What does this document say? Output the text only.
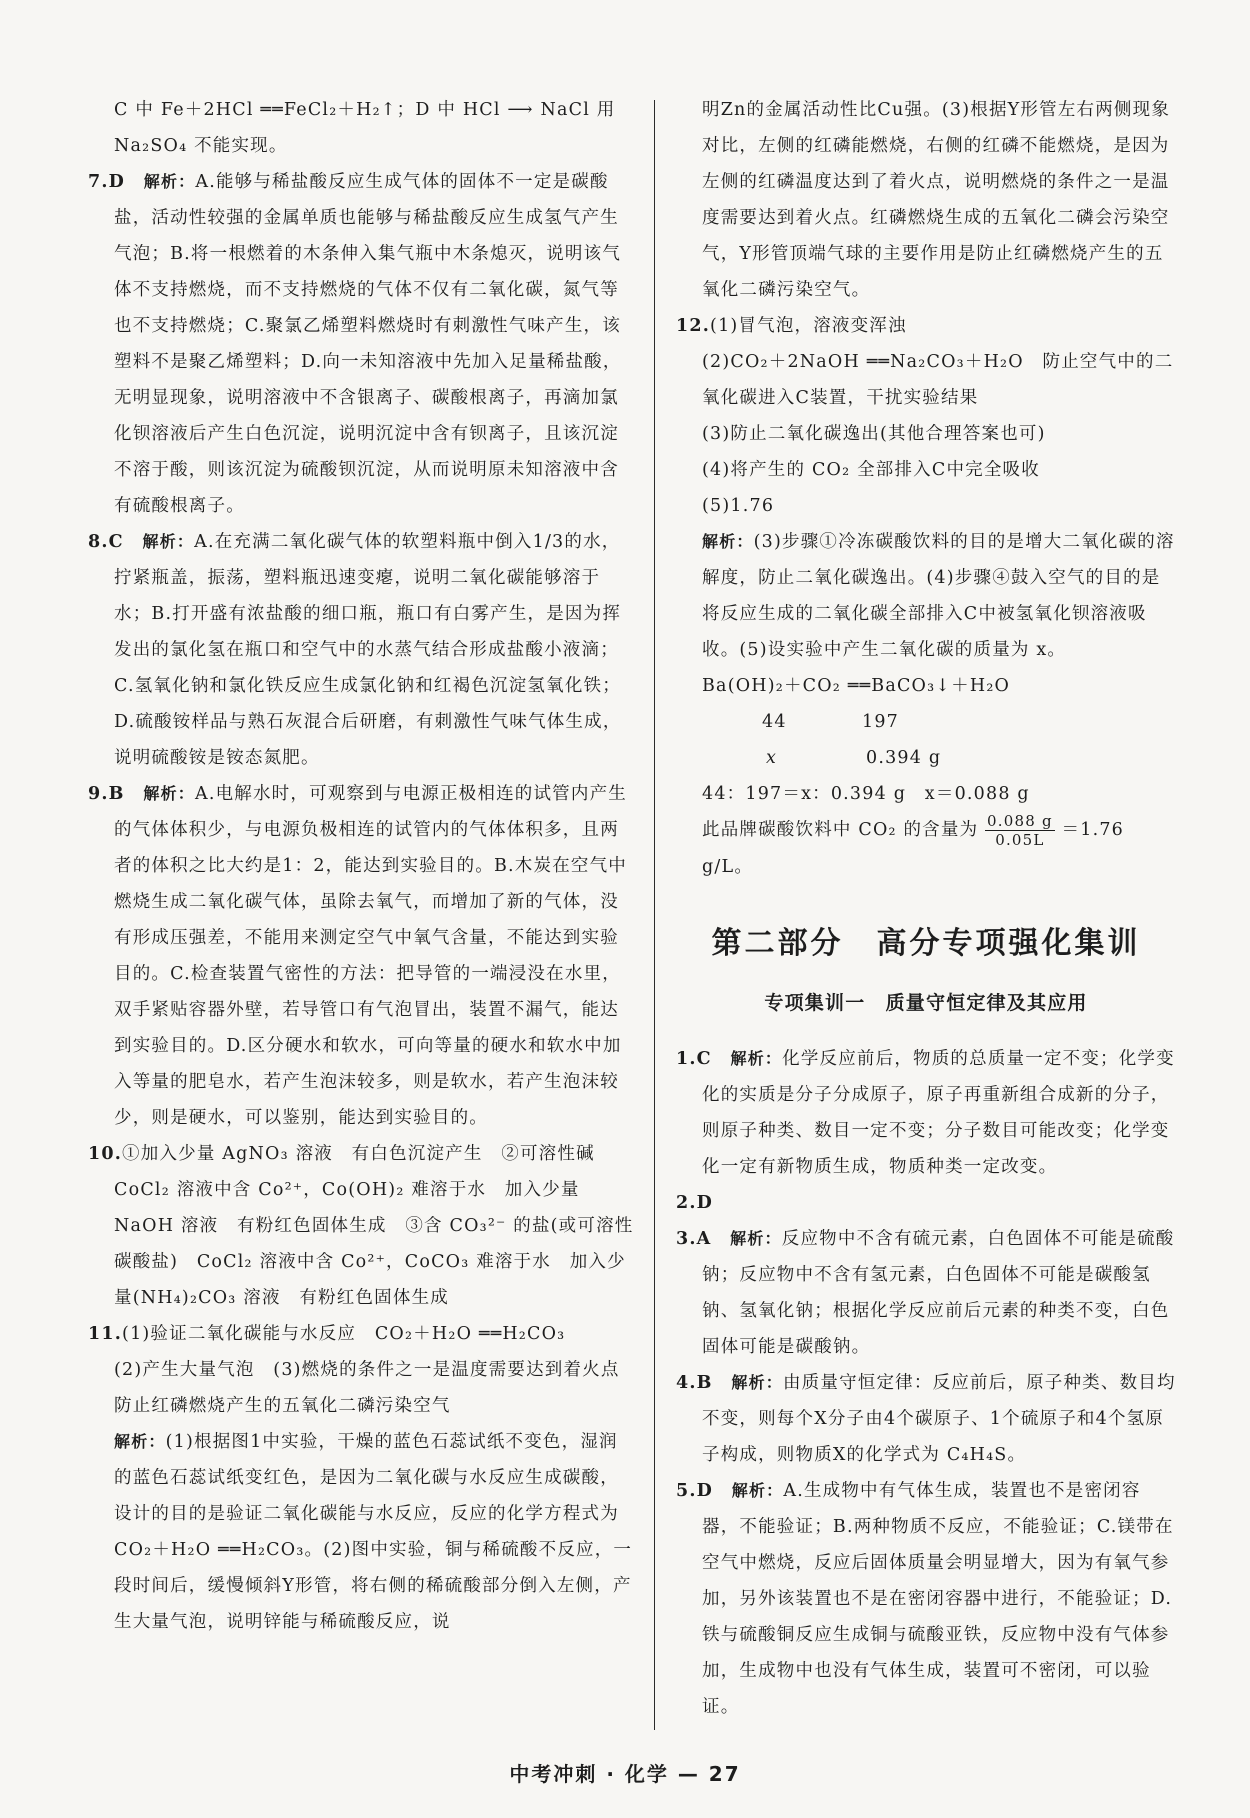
C 中 Fe＋2HCl ══FeCl₂＋H₂↑；D 中 HCl ⟶ NaCl 用

Na₂SO₄ 不能实现。

7.D　 解析：A.能够与稀盐酸反应生成气体的固体不一定是碳酸盐，活动性较强的金属单质也能够与稀盐酸反应生成氢气产生气泡；B.将一根燃着的木条伸入集气瓶中木条熄灭，说明该气体不支持燃烧，而不支持燃烧的气体不仅有二氧化碳，氮气等也不支持燃烧；C.聚氯乙烯塑料燃烧时有刺激性气味产生，该塑料不是聚乙烯塑料；D.向一未知溶液中先加入足量稀盐酸，无明显现象，说明溶液中不含银离子、碳酸根离子，再滴加氯化钡溶液后产生白色沉淀，说明沉淀中含有钡离子，且该沉淀不溶于酸，则该沉淀为硫酸钡沉淀，从而说明原未知溶液中含有硫酸根离子。

8.C　 解析：A.在充满二氧化碳气体的软塑料瓶中倒入1/3的水，拧紧瓶盖，振荡，塑料瓶迅速变瘪，说明二氧化碳能够溶于水；B.打开盛有浓盐酸的细口瓶，瓶口有白雾产生，是因为挥发出的氯化氢在瓶口和空气中的水蒸气结合形成盐酸小液滴；C.氢氧化钠和氯化铁反应生成氯化钠和红褐色沉淀氢氧化铁；D.硫酸铵样品与熟石灰混合后研磨，有刺激性气味气体生成，说明硫酸铵是铵态氮肥。

9.B　 解析：A.电解水时，可观察到与电源正极相连的试管内产生的气体体积少，与电源负极相连的试管内的气体体积多，且两者的体积之比大约是1：2，能达到实验目的。B.木炭在空气中燃烧生成二氧化碳气体，虽除去氧气，而增加了新的气体，没有形成压强差，不能用来测定空气中氧气含量，不能达到实验目的。C.检查装置气密性的方法：把导管的一端浸没在水里，双手紧贴容器外壁，若导管口有气泡冒出，装置不漏气，能达到实验目的。D.区分硬水和软水，可向等量的硬水和软水中加入等量的肥皂水，若产生泡沫较多，则是软水，若产生泡沫较少，则是硬水，可以鉴别，能达到实验目的。

10.①加入少量 AgNO₃ 溶液　有白色沉淀产生　②可溶性碱　CoCl₂ 溶液中含 Co²⁺，Co(OH)₂ 难溶于水　加入少量 NaOH 溶液　有粉红色固体生成　③含 CO₃²⁻ 的盐(或可溶性碳酸盐)　CoCl₂ 溶液中含 Co²⁺，CoCO₃ 难溶于水　加入少量(NH₄)₂CO₃ 溶液　有粉红色固体生成

11.(1)验证二氧化碳能与水反应　CO₂＋H₂O ══H₂CO₃

(2)产生大量气泡　(3)燃烧的条件之一是温度需要达到着火点　防止红磷燃烧产生的五氧化二磷污染空气

解析：(1)根据图1中实验，干燥的蓝色石蕊试纸不变色，湿润的蓝色石蕊试纸变红色，是因为二氧化碳与水反应生成碳酸，设计的目的是验证二氧化碳能与水反应，反应的化学方程式为 CO₂＋H₂O ══H₂CO₃。(2)图中实验，铜与稀硫酸不反应，一段时间后，缓慢倾斜Y形管，将右侧的稀硫酸部分倒入左侧，产生大量气泡，说明锌能与稀硫酸反应，说

明Zn的金属活动性比Cu强。(3)根据Y形管左右两侧现象对比，左侧的红磷能燃烧，右侧的红磷不能燃烧，是因为左侧的红磷温度达到了着火点，说明燃烧的条件之一是温度需要达到着火点。红磷燃烧生成的五氧化二磷会污染空气，Y形管顶端气球的主要作用是防止红磷燃烧产生的五氧化二磷污染空气。

12.(1)冒气泡，溶液变浑浊

(2)CO₂＋2NaOH ══Na₂CO₃＋H₂O　防止空气中的二氧化碳进入C装置，干扰实验结果

(3)防止二氧化碳逸出(其他合理答案也可)

(4)将产生的 CO₂ 全部排入C中完全吸收

(5)1.76

解析：(3)步骤①冷冻碳酸饮料的目的是增大二氧化碳的溶解度，防止二氧化碳逸出。(4)步骤④鼓入空气的目的是将反应生成的二氧化碳全部排入C中被氢氧化钡溶液吸收。(5)设实验中产生二氧化碳的质量为 x。

Ba(OH)₂＋CO₂ ══BaCO₃↓＋H₂O

44	197
x	0.394 g

44：197＝x：0.394 g　x＝0.088 g

此品牌碳酸饮料中 CO₂ 的含量为 $\frac{0.088 g}{0.05L} =1.76$ g/L。

第二部分　高分专项强化集训
专项集训一　质量守恒定律及其应用

1.C　 解析：化学反应前后，物质的总质量一定不变；化学变化的实质是分子分成原子，原子再重新组合成新的分子，则原子种类、数目一定不变；分子数目可能改变；化学变化一定有新物质生成，物质种类一定改变。

2.D

3.A　 解析：反应物中不含有硫元素，白色固体不可能是硫酸钠；反应物中不含有氢元素，白色固体不可能是碳酸氢钠、氢氧化钠；根据化学反应前后元素的种类不变，白色固体可能是碳酸钠。

4.B　 解析：由质量守恒定律：反应前后，原子种类、数目均不变，则每个X分子由4个碳原子、1个硫原子和4个氢原子构成，则物质X的化学式为 C₄H₄S。

5.D　 解析：A.生成物中有气体生成，装置也不是密闭容器，不能验证；B.两种物质不反应，不能验证；C.镁带在空气中燃烧，反应后固体质量会明显增大，因为有氧气参加，另外该装置也不是在密闭容器中进行，不能验证；D.铁与硫酸铜反应生成铜与硫酸亚铁，反应物中没有气体参加，生成物中也没有气体生成，装置可不密闭，可以验证。

中考冲刺 · 化学 — 27
